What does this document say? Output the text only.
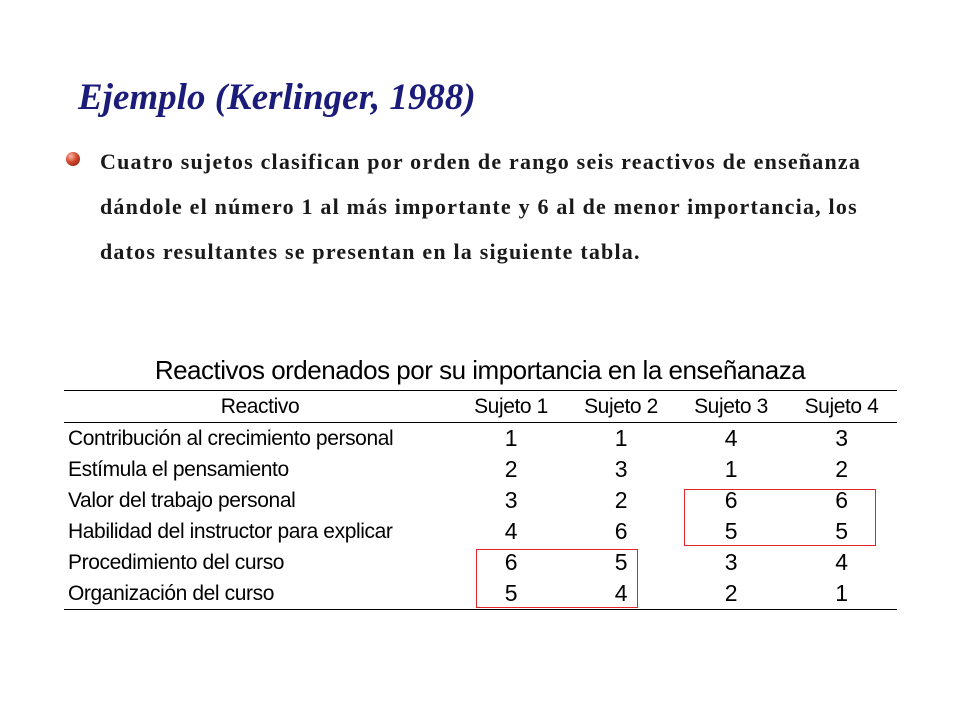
Ejemplo (Kerlinger, 1988)
Cuatro sujetos clasifican por orden de rango seis reactivos de enseñanza dándole el número 1 al más importante y 6 al de menor importancia, los datos resultantes se presentan en la siguiente tabla.
Reactivos ordenados por su importancia en la enseñanaza
Reactivo	Sujeto 1	Sujeto 2	Sujeto 3	Sujeto 4
Contribución al crecimiento personal	1	1	4	3
Estímula el pensamiento	2	3	1	2
Valor del trabajo personal	3	2	6	6
Habilidad del instructor para explicar	4	6	5	5
Procedimiento del curso	6	5	3	4
Organización del curso	5	4	2	1
